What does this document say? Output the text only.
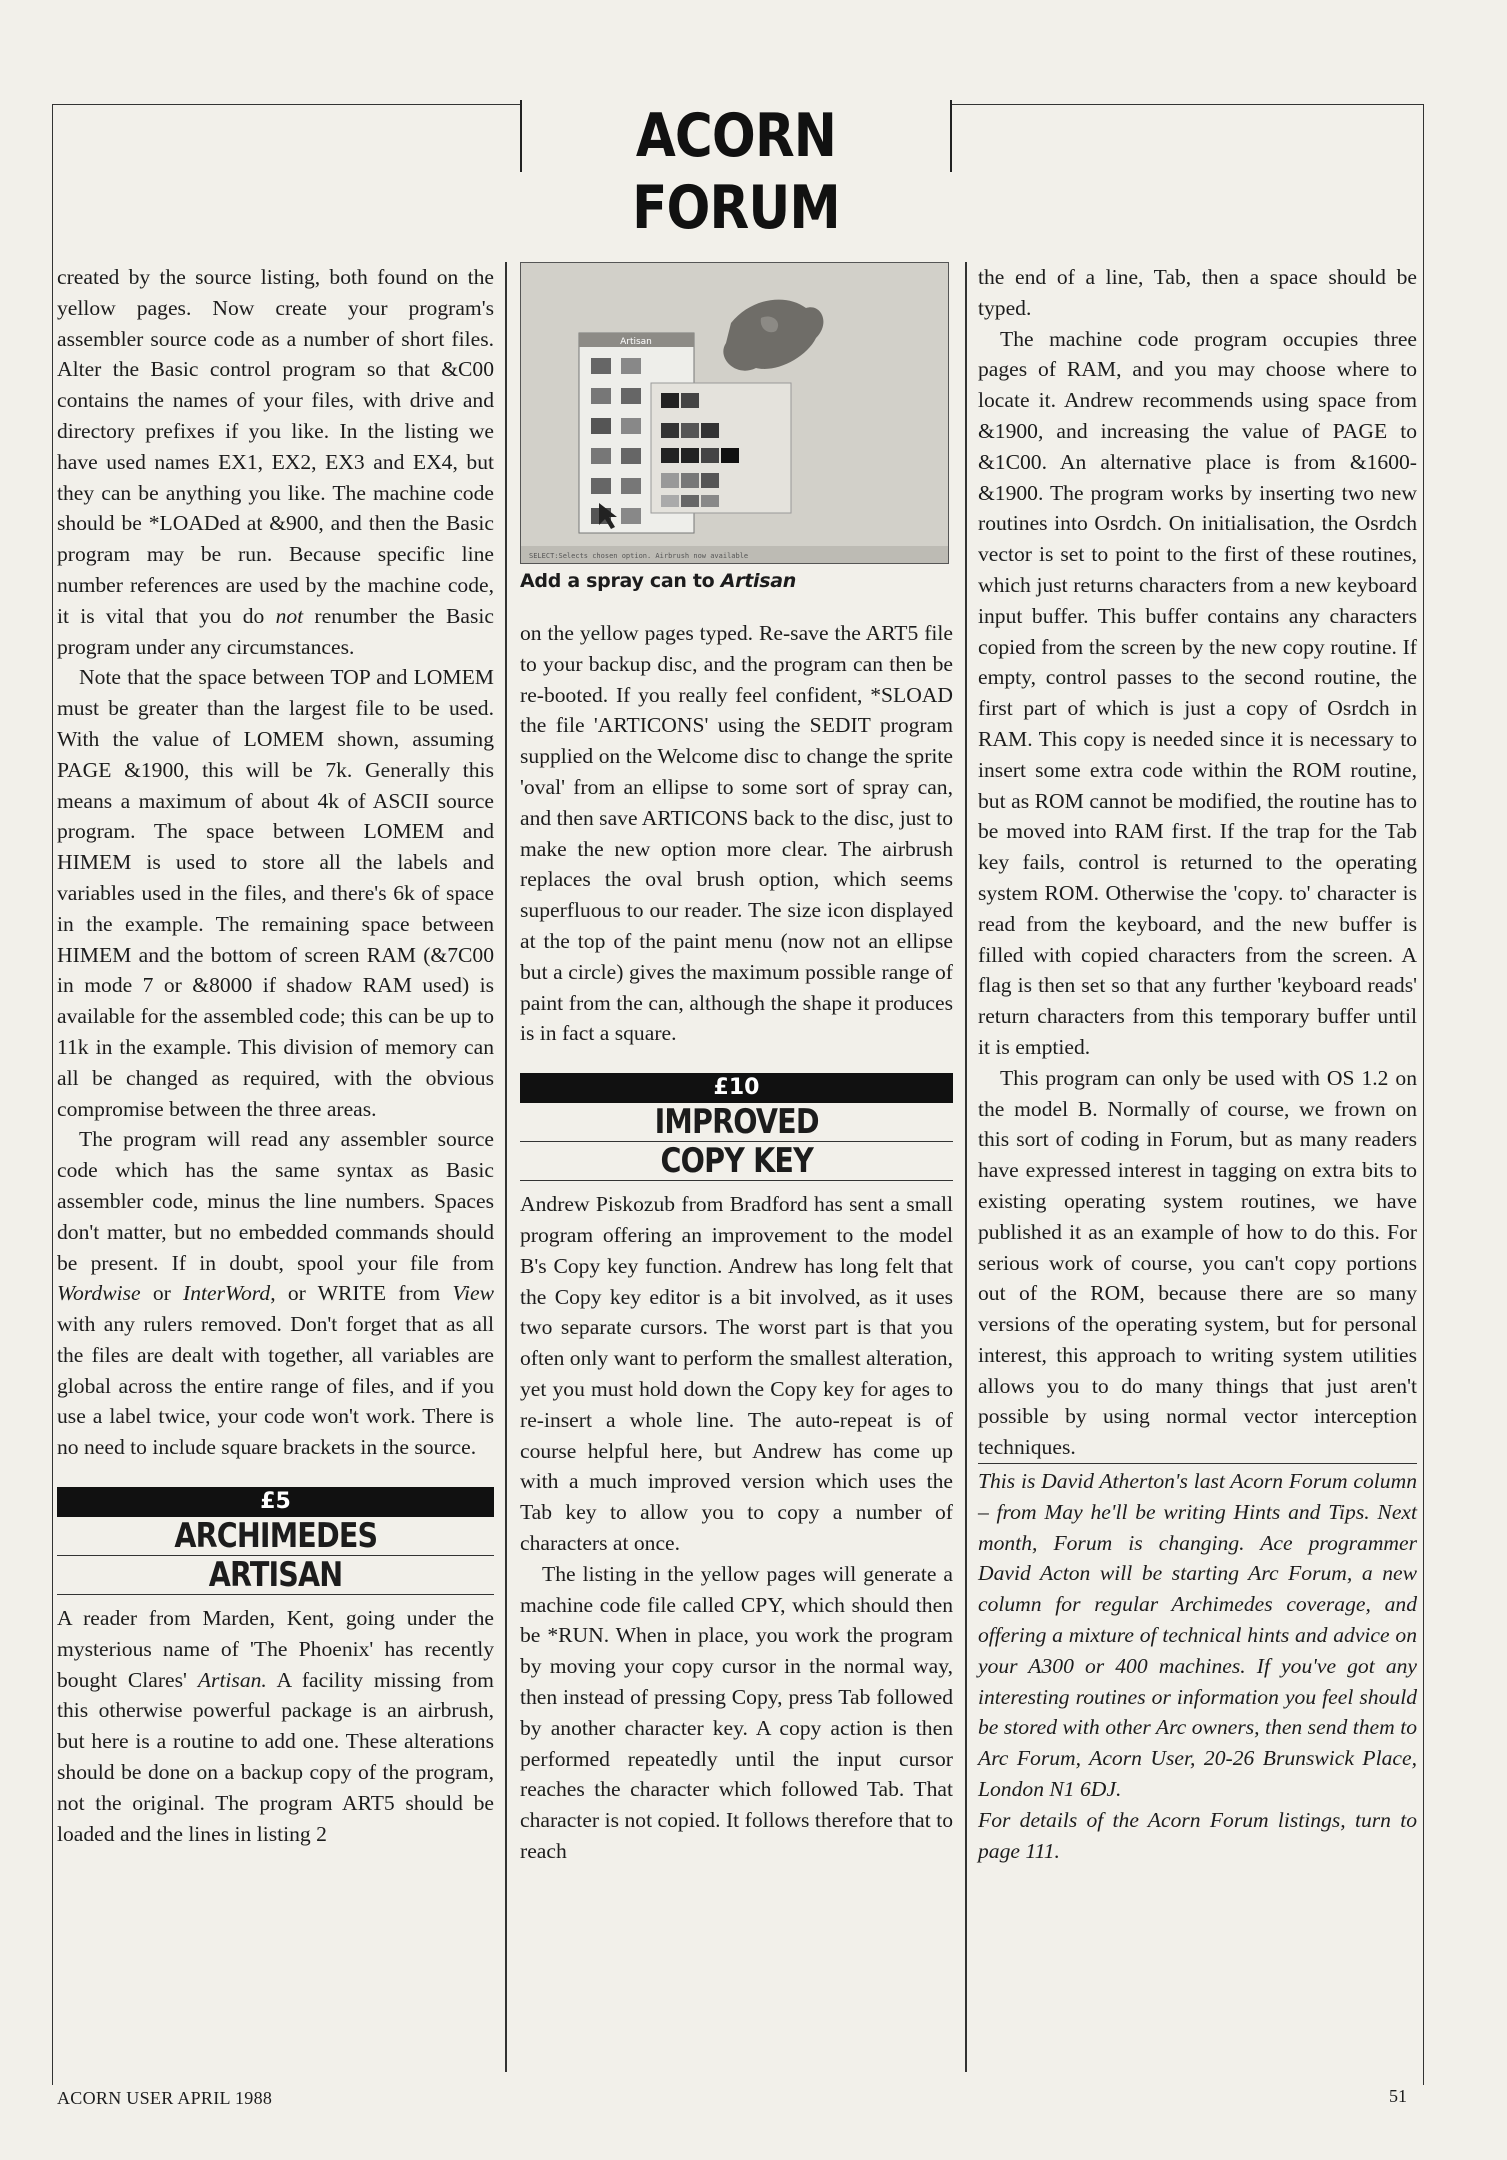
ACORN FORUM

created by the source listing, both found on the yellow pages. Now create your program's assembler source code as a number of short files. Alter the Basic control program so that &C00 contains the names of your files, with drive and directory prefixes if you like. In the listing we have used names EX1, EX2, EX3 and EX4, but they can be anything you like. The machine code should be *LOADed at &900, and then the Basic program may be run. Because specific line number references are used by the machine code, it is vital that you do not renumber the Basic program under any circumstances.

Note that the space between TOP and LOMEM must be greater than the largest file to be used. With the value of LOMEM shown, assuming PAGE &1900, this will be 7k. Generally this means a maximum of about 4k of ASCII source program. The space between LOMEM and HIMEM is used to store all the labels and variables used in the files, and there's 6k of space in the example. The remaining space between HIMEM and the bottom of screen RAM (&7C00 in mode 7 or &8000 if shadow RAM used) is available for the assembled code; this can be up to 11k in the example. This division of memory can all be changed as required, with the obvious compromise between the three areas.

The program will read any assembler source code which has the same syntax as Basic assembler code, minus the line numbers. Spaces don't matter, but no embedded commands should be present. If in doubt, spool your file from Wordwise or InterWord, or WRITE from View with any rulers removed. Don't forget that as all the files are dealt with together, all variables are global across the entire range of files, and if you use a label twice, your code won't work. There is no need to include square brackets in the source.

£5
ARCHIMEDES
ARTISAN

A reader from Marden, Kent, going under the mysterious name of 'The Phoenix' has recently bought Clares' Artisan. A facility missing from this otherwise powerful package is an airbrush, but here is a routine to add one. These alterations should be done on a backup copy of the program, not the original. The program ART5 should be loaded and the lines in listing 2

Artisan
SELECT:Selects chosen option. Airbrush now available
Add a spray can to Artisan

on the yellow pages typed. Re-save the ART5 file to your backup disc, and the program can then be re-booted. If you really feel confident, *SLOAD the file 'ARTICONS' using the SEDIT program supplied on the Welcome disc to change the sprite 'oval' from an ellipse to some sort of spray can, and then save ARTICONS back to the disc, just to make the new option more clear. The airbrush replaces the oval brush option, which seems superfluous to our reader. The size icon displayed at the top of the paint menu (now not an ellipse but a circle) gives the maximum possible range of paint from the can, although the shape it produces is in fact a square.

£10
IMPROVED
COPY KEY

Andrew Piskozub from Bradford has sent a small program offering an improvement to the model B's Copy key function. Andrew has long felt that the Copy key editor is a bit involved, as it uses two separate cursors. The worst part is that you often only want to perform the smallest alteration, yet you must hold down the Copy key for ages to re-insert a whole line. The auto-repeat is of course helpful here, but Andrew has come up with a much improved version which uses the Tab key to allow you to copy a number of characters at once.

The listing in the yellow pages will generate a machine code file called CPY, which should then be *RUN. When in place, you work the program by moving your copy cursor in the normal way, then instead of pressing Copy, press Tab followed by another character key. A copy action is then performed repeatedly until the input cursor reaches the character which followed Tab. That character is not copied. It follows therefore that to reach

the end of a line, Tab, then a space should be typed.

The machine code program occupies three pages of RAM, and you may choose where to locate it. Andrew recommends using space from &1900, and increasing the value of PAGE to &1C00. An alternative place is from &1600-&1900. The program works by inserting two new routines into Osrdch. On initialisation, the Osrdch vector is set to point to the first of these routines, which just returns characters from a new keyboard input buffer. This buffer contains any characters copied from the screen by the new copy routine. If empty, control passes to the second routine, the first part of which is just a copy of Osrdch in RAM. This copy is needed since it is necessary to insert some extra code within the ROM routine, but as ROM cannot be modified, the routine has to be moved into RAM first. If the trap for the Tab key fails, control is returned to the operating system ROM. Otherwise the 'copy. to' character is read from the keyboard, and the new buffer is filled with copied characters from the screen. A flag is then set so that any further 'keyboard reads' return characters from this temporary buffer until it is emptied.

This program can only be used with OS 1.2 on the model B. Normally of course, we frown on this sort of coding in Forum, but as many readers have expressed interest in tagging on extra bits to existing operating system routines, we have published it as an example of how to do this. For serious work of course, you can't copy portions out of the ROM, because there are so many versions of the operating system, but for personal interest, this approach to writing system utilities allows you to do many things that just aren't possible by using normal vector interception techniques.

This is David Atherton's last Acorn Forum column – from May he'll be writing Hints and Tips. Next month, Forum is changing. Ace programmer David Acton will be starting Arc Forum, a new column for regular Archimedes coverage, and offering a mixture of technical hints and advice on your A300 or 400 machines. If you've got any interesting routines or information you feel should be stored with other Arc owners, then send them to Arc Forum, Acorn User, 20-26 Brunswick Place, London N1 6DJ.

For details of the Acorn Forum listings, turn to page 111.

ACORN USER APRIL 1988	51
